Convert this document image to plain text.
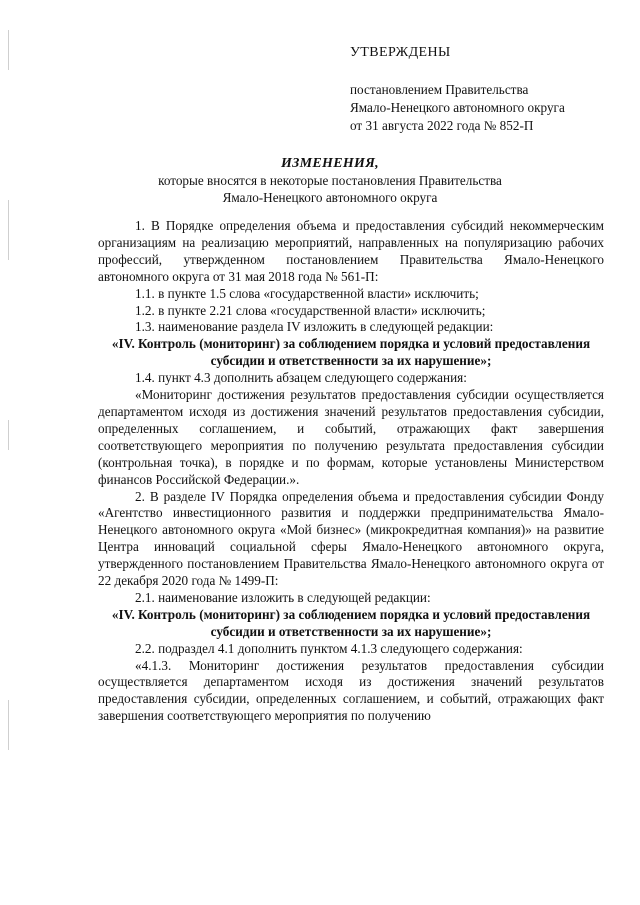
УТВЕРЖДЕНЫ
постановлением Правительства
Ямало-Ненецкого автономного округа
от 31 августа 2022 года № 852-П
ИЗМЕНЕНИЯ,
которые вносятся в некоторые постановления Правительства
Ямало-Ненецкого автономного округа

1. В Порядке определения объема и предоставления субсидий некоммерческим организациям на реализацию мероприятий, направленных на популяризацию рабочих профессий, утвержденном постановлением Правительства Ямало-Ненецкого автономного округа от 31 мая 2018 года № 561-П:

1.1. в пункте 1.5 слова «государственной власти» исключить;

1.2. в пункте 2.21 слова «государственной власти» исключить;

1.3. наименование раздела IV изложить в следующей редакции:

«IV. Контроль (мониторинг) за соблюдением порядка и условий предоставления субсидии и ответственности за их нарушение»;

1.4. пункт 4.3 дополнить абзацем следующего содержания:

«Мониторинг достижения результатов предоставления субсидии осуществляется департаментом исходя из достижения значений результатов предоставления субсидии, определенных соглашением, и событий, отражающих факт завершения соответствующего мероприятия по получению результата предоставления субсидии (контрольная точка), в порядке и по формам, которые установлены Министерством финансов Российской Федерации.».

2. В разделе IV Порядка определения объема и предоставления субсидии Фонду «Агентство инвестиционного развития и поддержки предпринимательства Ямало-Ненецкого автономного округа «Мой бизнес» (микрокредитная компания)» на развитие Центра инноваций социальной сферы Ямало-Ненецкого автономного округа, утвержденного постановлением Правительства Ямало-Ненецкого автономного округа от 22 декабря 2020 года № 1499-П:

2.1. наименование изложить в следующей редакции:

«IV. Контроль (мониторинг) за соблюдением порядка и условий предоставления субсидии и ответственности за их нарушение»;

2.2. подраздел 4.1 дополнить пунктом 4.1.3 следующего содержания:

«4.1.3. Мониторинг достижения результатов предоставления субсидии осуществляется департаментом исходя из достижения значений результатов предоставления субсидии, определенных соглашением, и событий, отражающих факт завершения соответствующего мероприятия по получению
